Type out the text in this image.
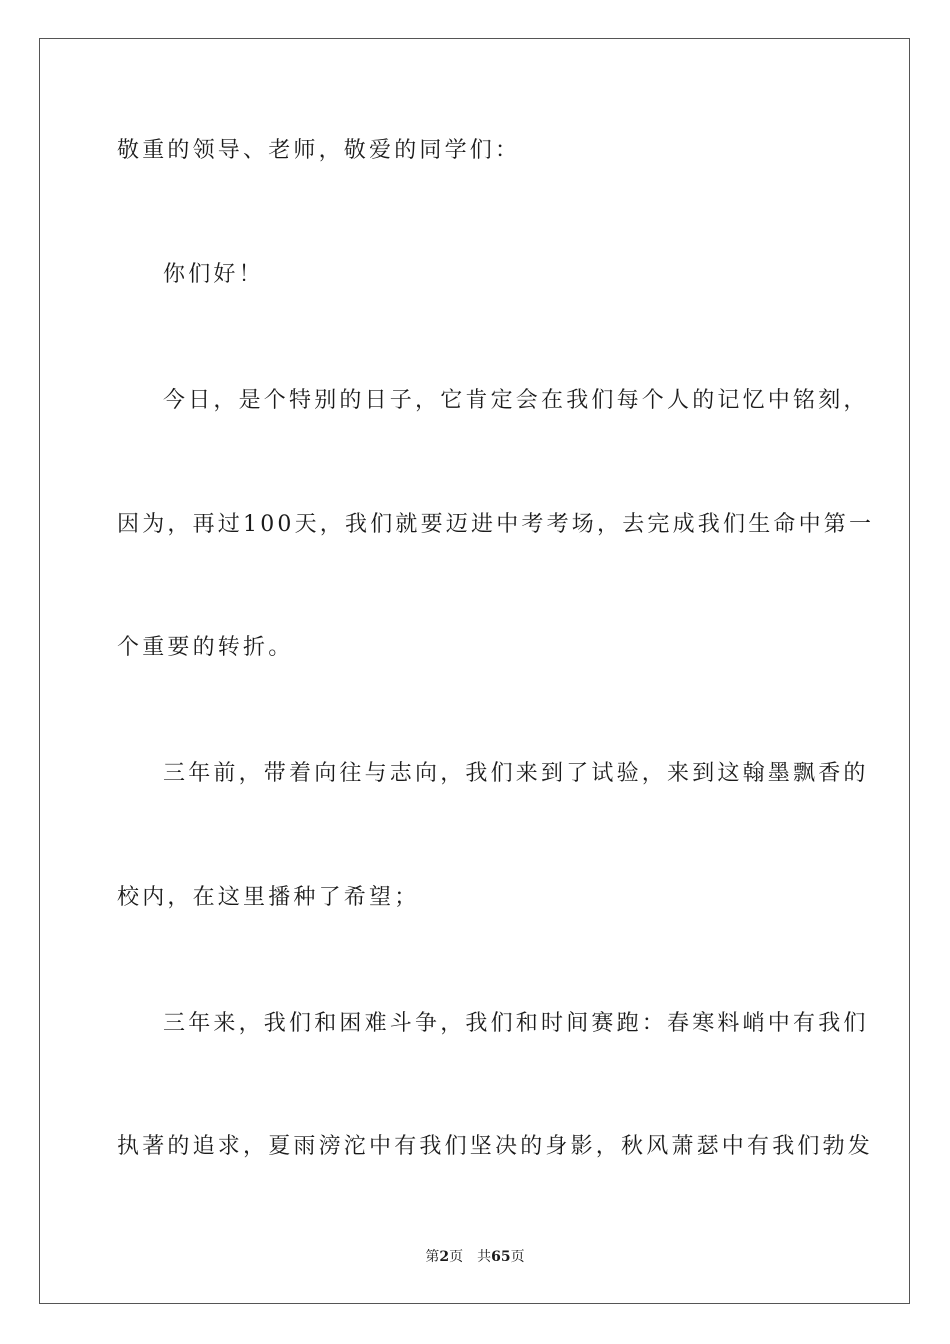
敬重的领导、老师，敬爱的同学们：
你们好！
今日，是个特别的日子，它肯定会在我们每个人的记忆中铭刻，
因为，再过100天，我们就要迈进中考考场，去完成我们生命中第一
个重要的转折。
三年前，带着向往与志向，我们来到了试验，来到这翰墨飘香的
校内，在这里播种了希望；
三年来，我们和困难斗争，我们和时间赛跑：春寒料峭中有我们
执著的追求，夏雨滂沱中有我们坚决的身影，秋风萧瑟中有我们勃发
第2页 共65页
